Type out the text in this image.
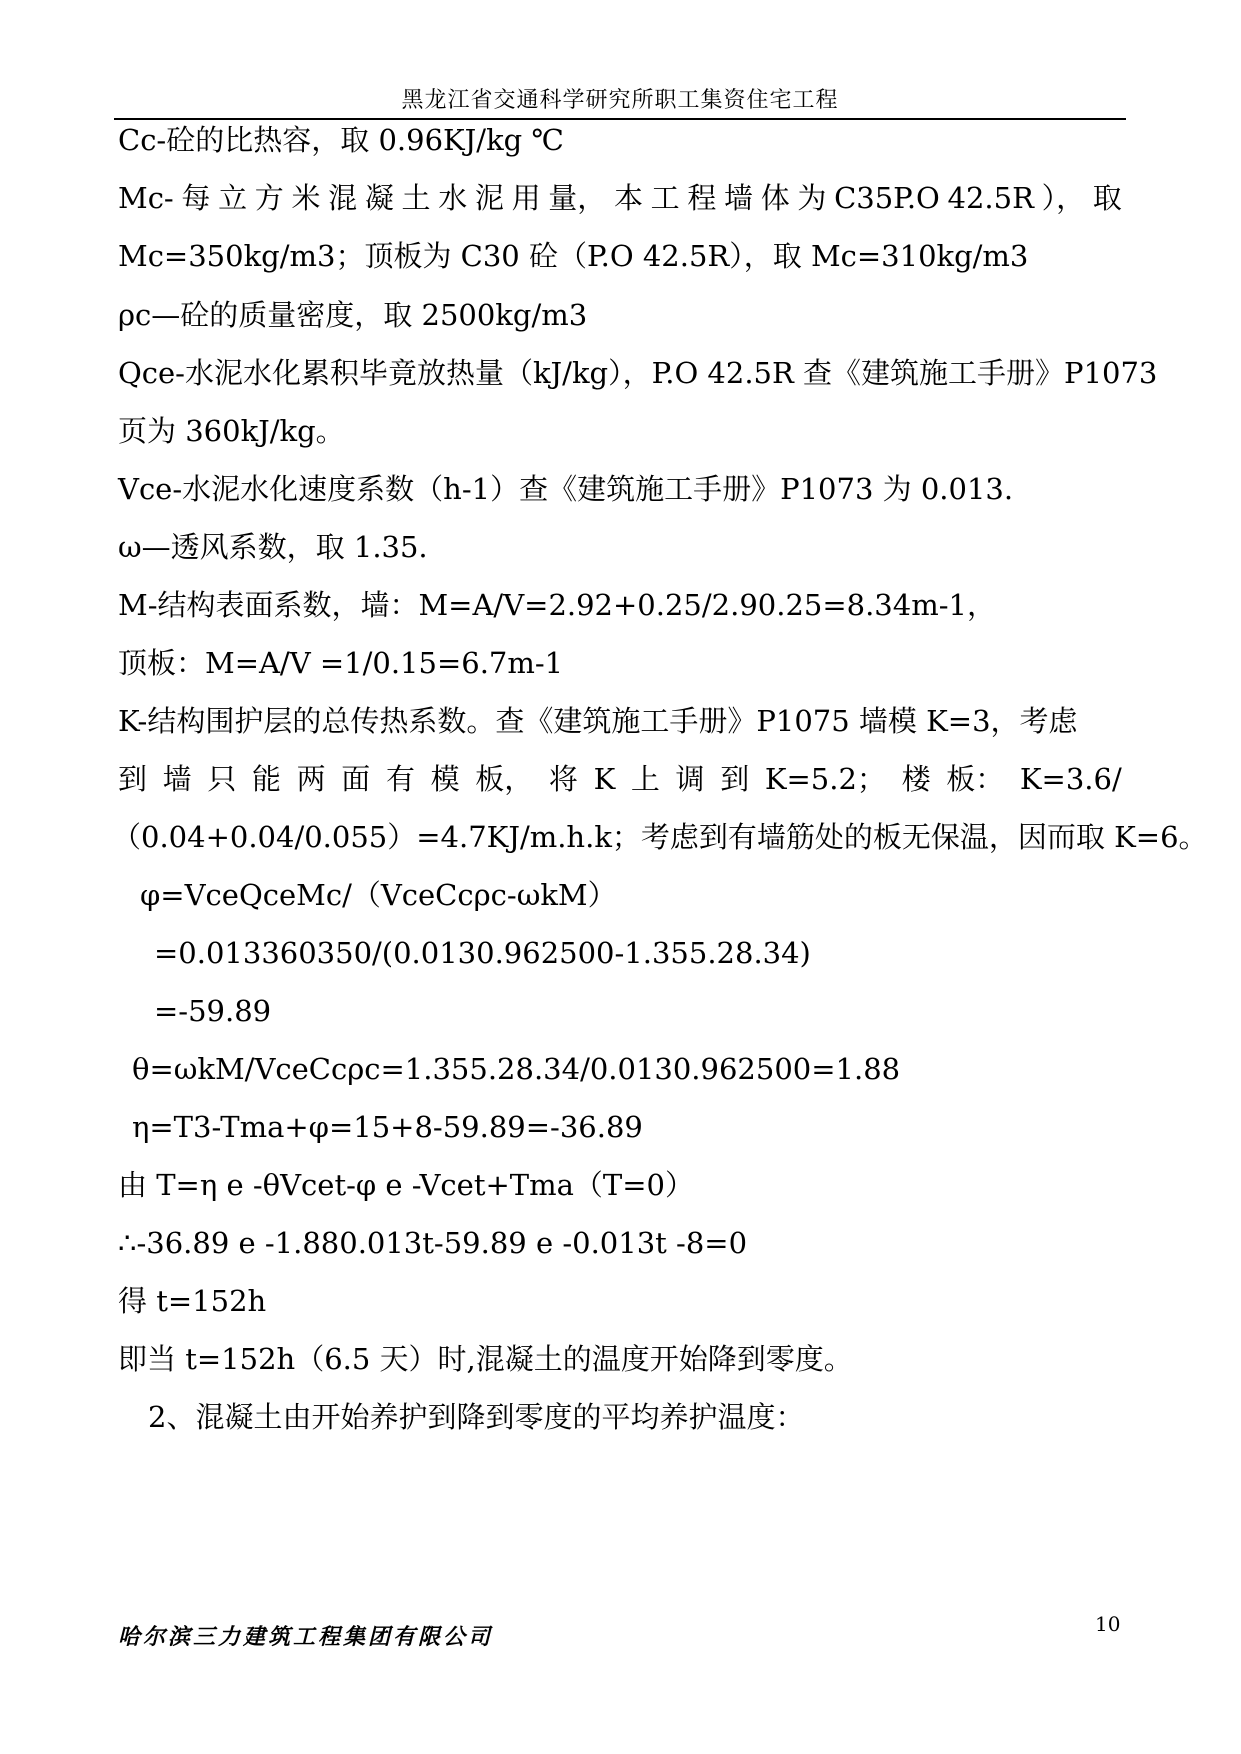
黑龙江省交通科学研究所职工集资住宅工程
Cc-砼的比热容，取 0.96KJ/kg ℃
Mc- 每 立 方 米 混 凝 土 水 泥 用 量， 本 工 程 墙 体 为 C35P.O 42.5R ）， 取
Mc=350kg/m3；顶板为 C30 砼（P.O 42.5R），取 Mc=310kg/m3
ρc—砼的质量密度，取 2500kg/m3
Qce-水泥水化累积毕竟放热量（kJ/kg），P.O 42.5R 查《建筑施工手册》P1073
页为 360kJ/kg。
Vce-水泥水化速度系数（h-1）查《建筑施工手册》P1073 为 0.013.
ω—透风系数，取 1.35.
M-结构表面系数，墙：M=A/V=2.92+0.25/2.90.25=8.34m-1，
顶板：M=A/V =1/0.15=6.7m-1
K-结构围护层的总传热系数。查《建筑施工手册》P1075 墙模 K=3，考虑
到 墙 只 能 两 面 有 模 板， 将 K 上 调 到 K=5.2； 楼 板： K=3.6/
（0.04+0.04/0.055）=4.7KJ/m.h.k；考虑到有墙筋处的板无保温，因而取 K=6。
φ=VceQceMc/（VceCcρc-ωkM）
=0.013360350/(0.0130.962500-1.355.28.34)
=-59.89
θ=ωkM/VceCcρc=1.355.28.34/0.0130.962500=1.88
η=T3-Tma+φ=15+8-59.89=-36.89
由 T=η e -θVcet-φ e -Vcet+Tma（T=0）
∴-36.89 e -1.880.013t-59.89 e -0.013t -8=0
得 t=152h
即当 t=152h（6.5 天）时,混凝土的温度开始降到零度。
2、混凝土由开始养护到降到零度的平均养护温度：
哈尔滨三力建筑工程集团有限公司	10
